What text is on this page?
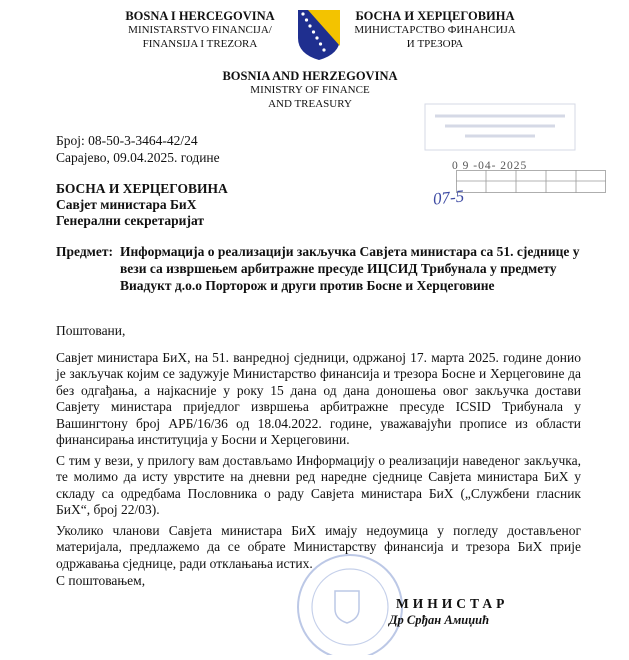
BOSNA I HERCEGOVINA
MINISTARSTVO FINANCIJA/
FINANSIJA I TREZORA
БОСНА И ХЕРЦЕГОВИНА
МИНИСТАРСТВО ФИНАНСИЈА
И ТРЕЗОРА
BOSNIA AND HERZEGOVINA
MINISTRY OF FINANCE
AND TREASURY
0 9 -04- 2025
07-5
Број: 08-50-3-3464-42/24
Сарајево, 09.04.2025. године
БОСНА И ХЕРЦЕГОВИНА
Савјет министара БиХ
Генерални секретаријат
Предмет: Информација о реализацији закључка Савјета министара са 51. сједнице у вези са извршењем арбитражне пресуде ИЦСИД Трибунала у предмету Виадукт д.о.о Порторож и други против Босне и Херцеговине
Поштовани,
Савјет министара БиХ, на 51. ванредној сједници, одржаној 17. марта 2025. године донио је закључак којим се задужује Министарство финансија и трезора Босне и Херцеговине да без одгађања, а најкасније у року 15 дана од дана доношења овог закључка достави Савјету министара приједлог извршења арбитражне пресуде ICSID Трибунала у Вашингтону број АРБ/16/36 од 18.04.2022. године, уважавајући прописе из области финансирања институција у Босни и Херцеговини.
С тим у вези, у прилогу вам достављамо Информацију о реализацији наведеног закључка, те молимо да исту уврстите на дневни ред наредне сједнице Савјета министара БиХ у складу са одредбама Пословника о раду Савјета министара БиХ („Службени гласник БиХ“, број 22/03).
Уколико чланови Савјета министара БиХ имају недоумица у погледу достављеног материјала, предлажемо да се обрате Министарству финансија и трезора БиХ прије одржавања сједнице, ради отклањања истих.
С поштовањем,
МИНИСТАР
Др Срђан Амиџић
